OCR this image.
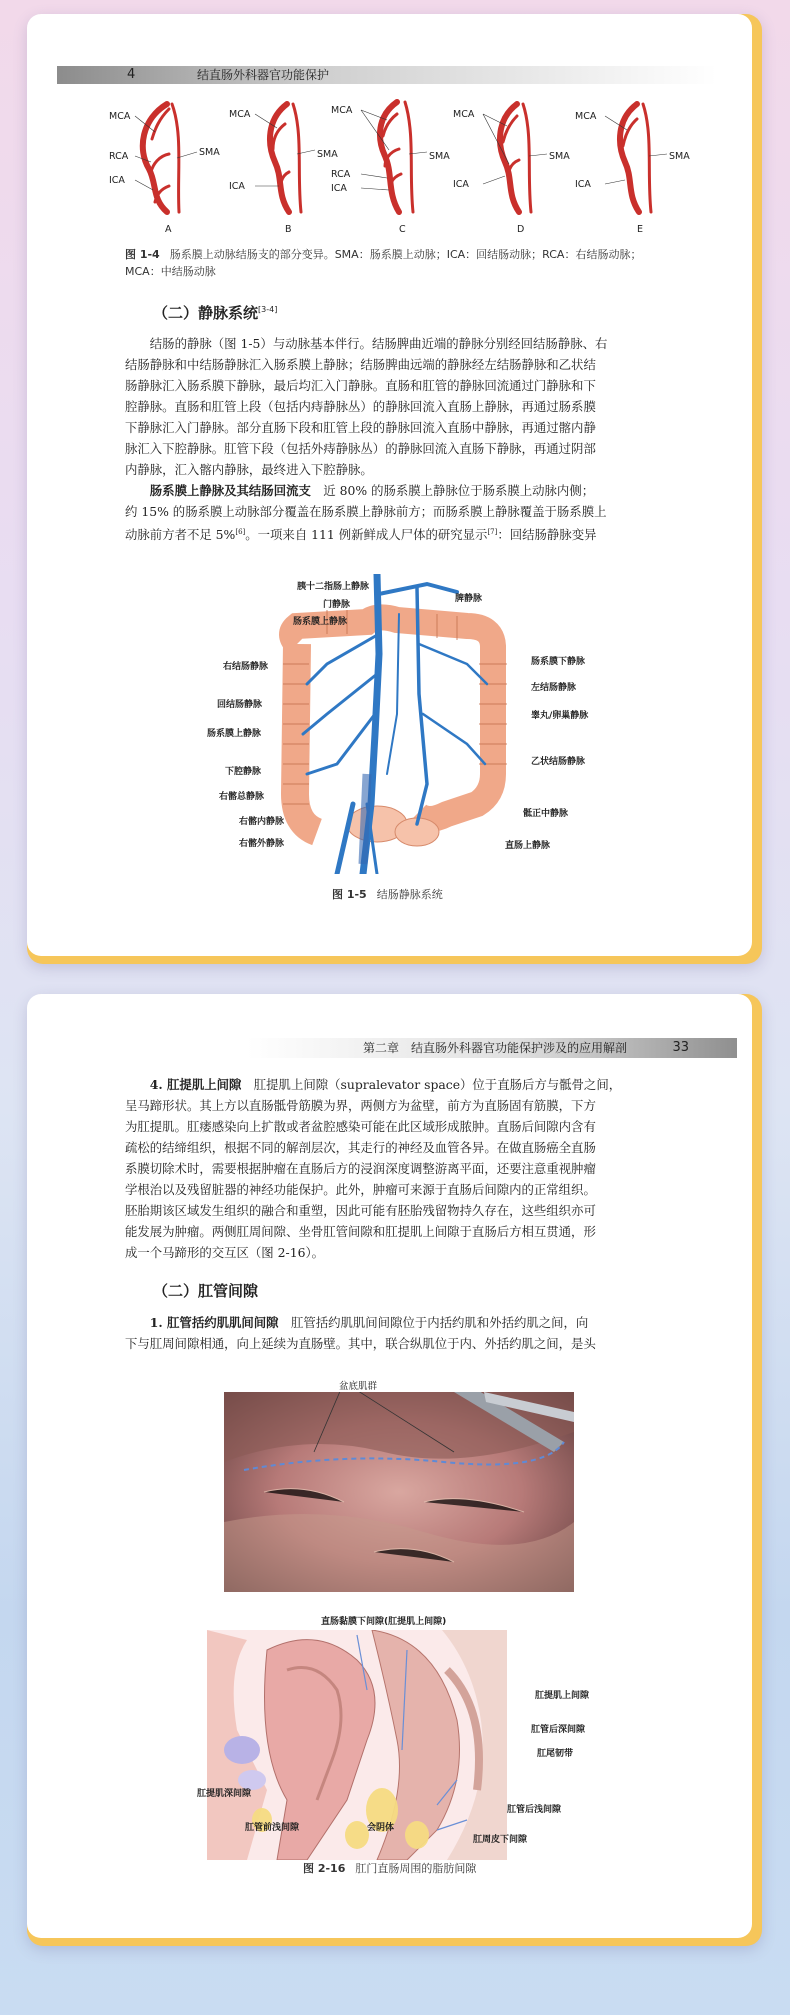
4	结直肠外科器官功能保护
MCA
RCA
ICA
SMA
MCA
ICA
SMA
MCA
RCA
ICA
SMA
MCA
ICA
SMA
MCA
ICA
SMA
A	B	C	D	E
图 1-4 肠系膜上动脉结肠支的部分变异。SMA：肠系膜上动脉；ICA：回结肠动脉；RCA：右结肠动脉；
MCA：中结肠动脉
（二）静脉系统[3-4]

结肠的静脉（图 1-5）与动脉基本伴行。结肠脾曲近端的静脉分别经回结肠静脉、右

结肠静脉和中结肠静脉汇入肠系膜上静脉；结肠脾曲远端的静脉经左结肠静脉和乙状结

肠静脉汇入肠系膜下静脉，最后均汇入门静脉。直肠和肛管的静脉回流通过门静脉和下

腔静脉。直肠和肛管上段（包括内痔静脉丛）的静脉回流入直肠上静脉，再通过肠系膜

下静脉汇入门静脉。部分直肠下段和肛管上段的静脉回流入直肠中静脉，再通过髂内静

脉汇入下腔静脉。肛管下段（包括外痔静脉丛）的静脉回流入直肠下静脉，再通过阴部

内静脉，汇入髂内静脉，最终进入下腔静脉。

肠系膜上静脉及其结肠回流支　 近 80% 的肠系膜上静脉位于肠系膜上动脉内侧；

约 15% 的肠系膜上动脉部分覆盖在肠系膜上静脉前方；而肠系膜上静脉覆盖于肠系膜上

动脉前方者不足 5%[6]。一项来自 111 例新鲜成人尸体的研究显示[7]：回结肠静脉变异

胰十二指肠上静脉
门静脉
肠系膜上静脉
脾静脉
右结肠静脉
回结肠静脉
肠系膜上静脉
下腔静脉
右髂总静脉
右髂内静脉
右髂外静脉
肠系膜下静脉
左结肠静脉
睾丸/卵巢静脉
乙状结肠静脉
骶正中静脉
直肠上静脉
图 1-5 结肠静脉系统
第二章　结直肠外科器官功能保护涉及的应用解剖	33

4. 肛提肌上间隙　 肛提肌上间隙（supralevator space）位于直肠后方与骶骨之间，

呈马蹄形状。其上方以直肠骶骨筋膜为界，两侧方为盆壁，前方为直肠固有筋膜，下方

为肛提肌。肛瘘感染向上扩散或者盆腔感染可能在此区域形成脓肿。直肠后间隙内含有

疏松的结缔组织，根据不同的解剖层次，其走行的神经及血管各异。在做直肠癌全直肠

系膜切除术时，需要根据肿瘤在直肠后方的浸润深度调整游离平面，还要注意重视肿瘤

学根治以及残留脏器的神经功能保护。此外，肿瘤可来源于直肠后间隙内的正常组织。

胚胎期该区域发生组织的融合和重塑，因此可能有胚胎残留物持久存在，这些组织亦可

能发展为肿瘤。两侧肛周间隙、坐骨肛管间隙和肛提肌上间隙于直肠后方相互贯通，形

成一个马蹄形的交互区（图 2-16）。

（二）肛管间隙

1. 肛管括约肌肌间间隙　 肛管括约肌肌间间隙位于内括约肌和外括约肌之间，向

下与肛周间隙相通，向上延续为直肠壁。其中，联合纵肌位于内、外括约肌之间，是头

盆底肌群
直肠黏膜下间隙(肛提肌上间隙)
肛提肌上间隙
肛管后深间隙
肛尾韧带
肛管后浅间隙
肛周皮下间隙
肛提肌深间隙
肛管前浅间隙	会阴体
图 2-16 肛门直肠周围的脂肪间隙
